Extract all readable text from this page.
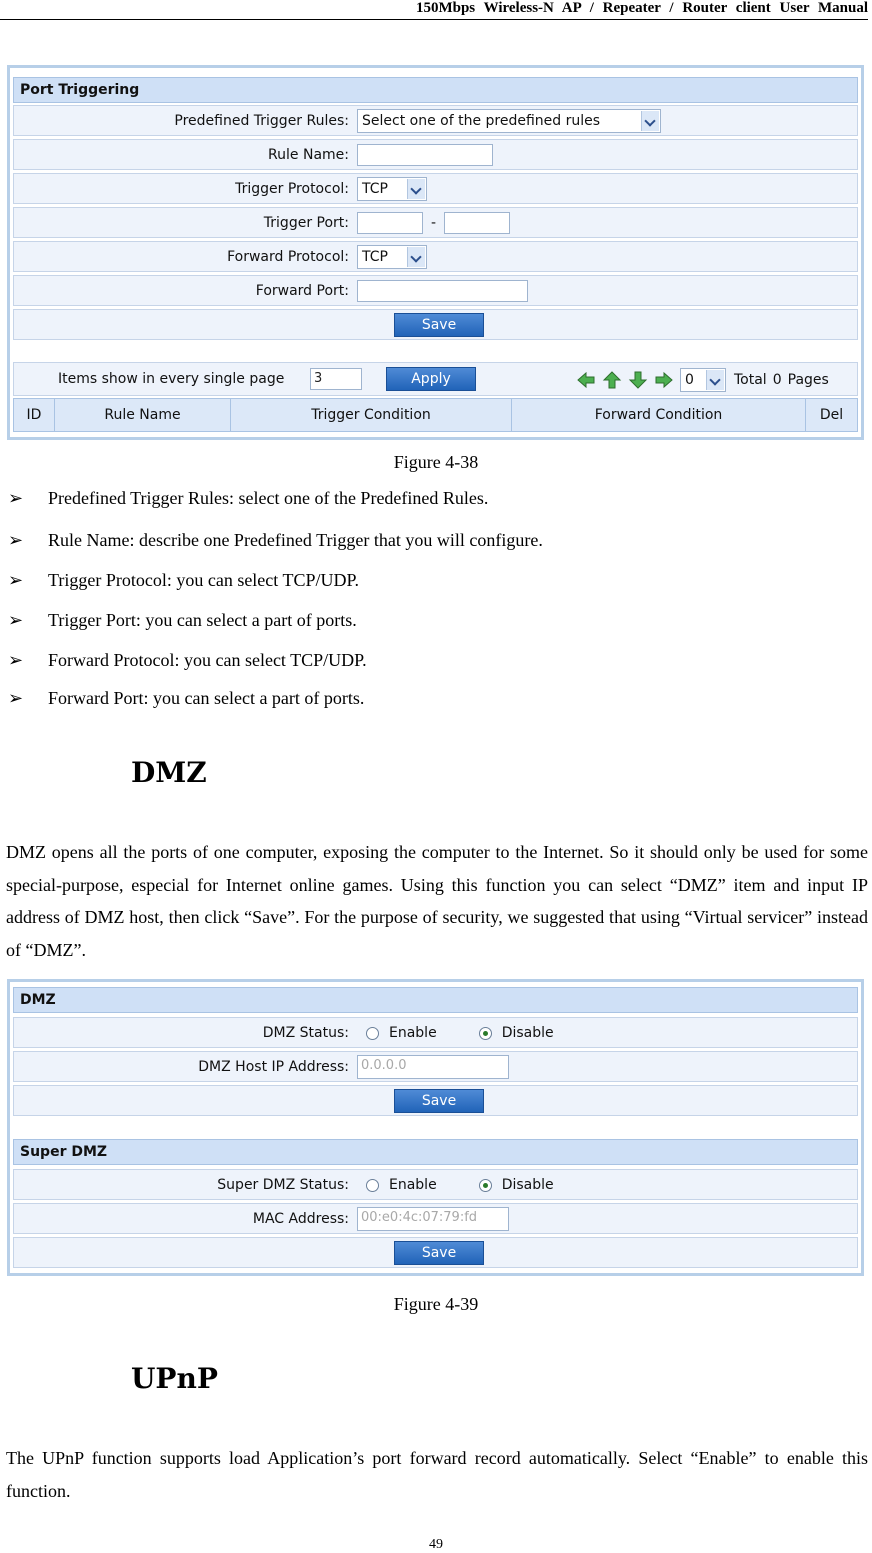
150Mbps Wireless-N AP / Repeater / Router client User Manual
Port Triggering
Predefined Trigger Rules: Select one of the predefined rules
Rule Name:
Trigger Protocol: TCP
Trigger Port:	-
Forward Protocol: TCP
Forward Port:
Save
Items show in every single page	3	Apply	0	Total 0 Pages
ID	Rule Name	Trigger Condition	Forward Condition	Del
Figure 4-38
➢ Predefined Trigger Rules: select one of the Predefined Rules.
➢ Rule Name: describe one Predefined Trigger that you will configure.
➢ Trigger Protocol: you can select TCP/UDP.
➢ Trigger Port: you can select a part of ports.
➢ Forward Protocol: you can select TCP/UDP.
➢ Forward Port: you can select a part of ports.
DMZ
DMZ opens all the ports of one computer, exposing the computer to the Internet. So it should only be used for some special-purpose, especial for Internet online games. Using this function you can select “DMZ” item and input IP address of DMZ host, then click “Save”. For the purpose of security, we suggested that using “Virtual servicer” instead of “DMZ”.
DMZ
DMZ Status:	Enable	Disable
DMZ Host IP Address: 0.0.0.0
Save
Super DMZ
Super DMZ Status:	Enable	Disable
MAC Address: 00:e0:4c:07:79:fd
Save
Figure 4-39
UPnP
The UPnP function supports load Application’s port forward record automatically. Select “Enable” to enable this function.
49
